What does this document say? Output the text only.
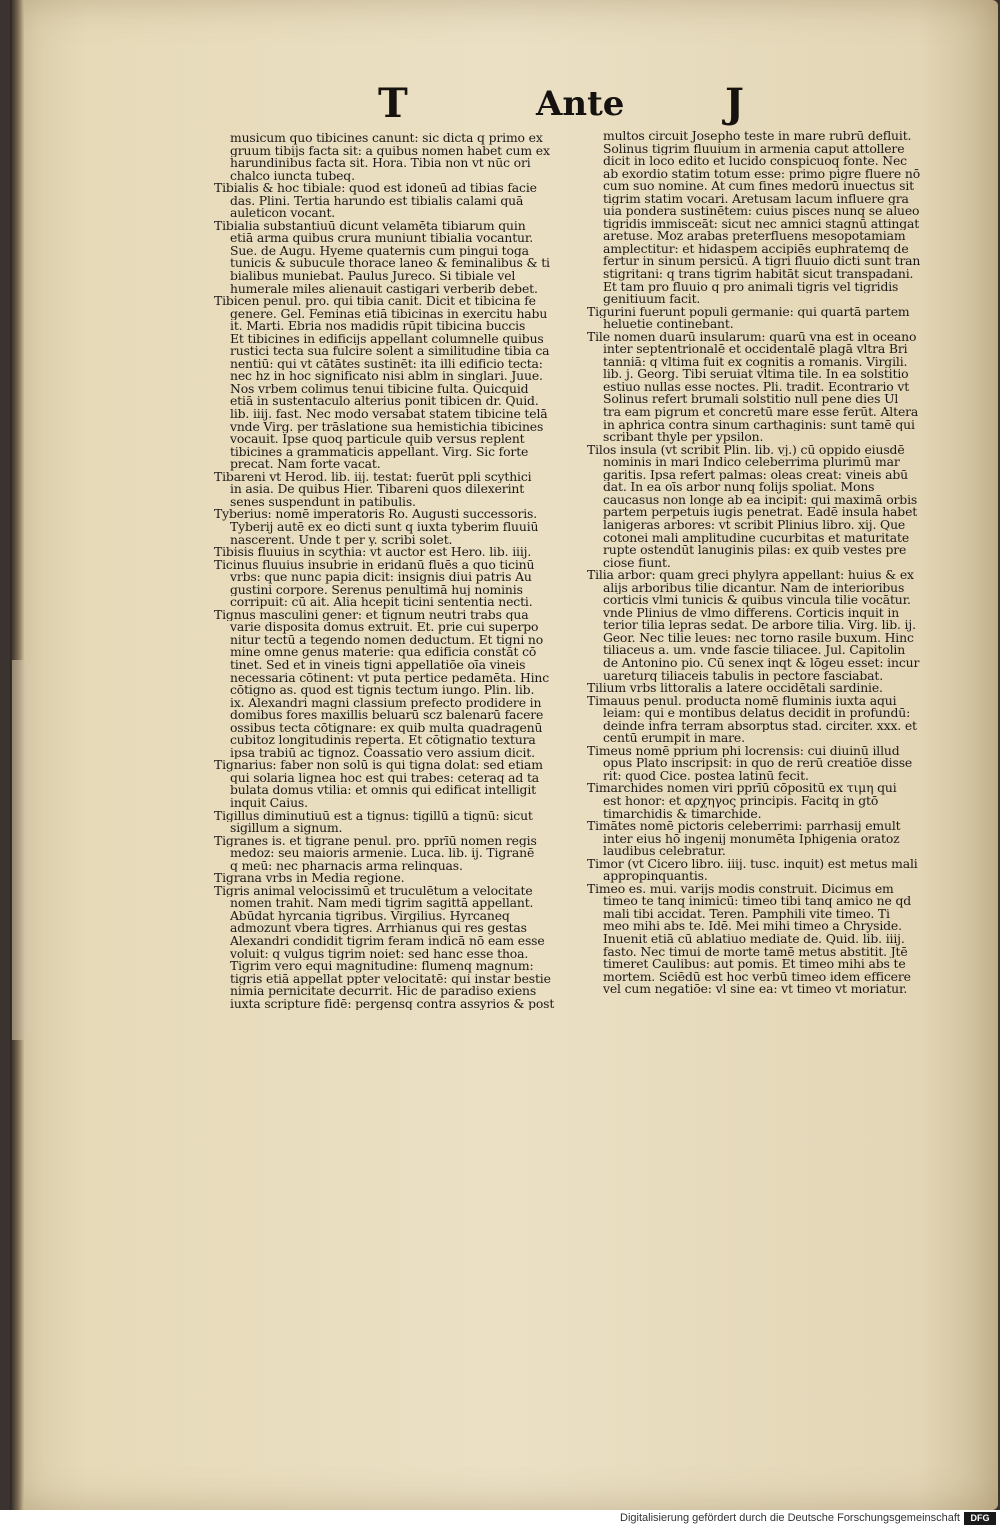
T	Ante	J
musicum quo tibicines canunt: sic dicta q primo ex
gruum tibijs facta sit: a quibus nomen habet cum ex
harundinibus facta sit. Hora. Tibia non vt nūc ori
chalco iuncta tubeq.
Tibialis & hoc tibiale: quod est idoneū ad tibias facie
das. Plini. Tertia harundo est tibialis calami quā
auleticon vocant.
Tibialia substantiuū dicunt velamēta tibiarum quin
etiā arma quibus crura muniunt tibialia vocantur.
Sue. de Augu. Hyeme quaternis cum pingui toga
tunicis & subucule thorace laneo & feminalibus & ti
bialibus muniebat. Paulus Jureco. Si tibiale vel
humerale miles alienauit castigari verberib debet.
Tibicen penul. pro. qui tibia canit. Dicit et tibicina fe
genere. Gel. Feminas etiā tibicinas in exercitu habu
it. Marti. Ebria nos madidis rūpit tibicina buccis
Et tibicines in edificijs appellant columnelle quibus
rustici tecta sua fulcire solent a similitudine tibia ca
nentiū: qui vt cātātes sustinēt: ita illi edificio tecta:
nec hz in hoc significato nisi ablm in singlari. Juue.
Nos vrbem colimus tenui tibicine fulta. Quicquid
etiā in sustentaculo alterius ponit tibicen dr. Quid.
lib. iiij. fast. Nec modo versabat statem tibicine telā
vnde Virg. per trāslatione sua hemistichia tibicines
vocauit. Ipse quoq particule quib versus replent
tibicines a grammaticis appellant. Virg. Sic forte
precat. Nam forte vacat.
Tibareni vt Herod. lib. iij. testat: fuerūt ppli scythici
in asia. De quibus Hier. Tibareni quos dilexerint
senes suspendunt in patibulis.
Tyberius: nomē imperatoris Ro. Augusti successoris.
Tyberij autē ex eo dicti sunt q iuxta tyberim fluuiū
nascerent. Unde t per y. scribi solet.
Tibisis fluuius in scythia: vt auctor est Hero. lib. iiij.
Ticinus fluuius insubrie in eridanū fluēs a quo ticinū
vrbs: que nunc papia dicit: insignis diui patris Au
gustini corpore. Serenus penultimā huj nominis
corripuit: cū ait. Alia hcepit ticini sententia necti.
Tignus masculini gener: et tignum neutri trabs qua
varie disposita domus extruit. Et. prie cui superpo
nitur tectū a tegendo nomen deductum. Et tigni no
mine omne genus materie: qua edificia constāt cō
tinet. Sed et in vineis tigni appellatiōe oīa vineis
necessaria cōtinent: vt puta pertice pedamēta. Hinc
cōtigno as. quod est tignis tectum iungo. Plin. lib.
ix. Alexandri magni classium prefecto prodidere in
domibus fores maxillis beluarū scz balenarū facere
ossibus tecta cōtignare: ex quib multa quadragenū
cubitoz longitudinis reperta. Et cōtignatio textura
ipsa trabiū ac tignoz. Coassatio vero assium dicit.
Tignarius: faber non solū is qui tigna dolat: sed etiam
qui solaria lignea hoc est qui trabes: ceteraq ad ta
bulata domus vtilia: et omnis qui edificat intelligit
inquit Caius.
Tigillus diminutiuū est a tignus: tigillū a tignū: sicut
sigillum a signum.
Tigranes is. et tigrane penul. pro. pprīū nomen regis
medoz: seu maioris armenie. Luca. lib. ij. Tigranē
q meū: nec pharnacis arma relinquas.
Tigrana vrbs in Media regione.
Tigris animal velocissimū et truculētum a velocitate
nomen trahit. Nam medi tigrim sagittā appellant.
Abūdat hyrcania tigribus. Virgilius. Hyrcaneq
admozunt vbera tigres. Arrhianus qui res gestas
Alexandri condidit tigrim feram indicā nō eam esse
voluit: q vulgus tigrim noiet: sed hanc esse thoa.
Tigrim vero equi magnitudine: flumenq magnum:
tigris etiā appellat ppter velocitatē: qui instar bestie
nimia pernicitate decurrit. Hic de paradiso exiens
iuxta scripture fidē: pergensq contra assyrios & post
multos circuit Josepho teste in mare rubrū defluit.
Solinus tigrim fluuium in armenia caput attollere
dicit in loco edito et lucido conspicuoq fonte. Nec
ab exordio statim totum esse: primo pigre fluere nō
cum suo nomine. At cum fines medorū inuectus sit
tigrim statim vocari. Aretusam lacum influere gra
uia pondera sustinētem: cuius pisces nunq se alueo
tigridis immisceāt: sicut nec amnici stagnū attingat
aretuse. Moz arabas preterfluens mesopotamiam
amplectitur: et hidaspem accipiēs euphratemq de
fertur in sinum persicū. A tigri fluuio dicti sunt tran
stigritani: q trans tigrim habitāt sicut transpadani.
Et tam pro fluuio q pro animali tigris vel tigridis
genitiuum facit.
Tigurini fuerunt populi germanie: qui quartā partem
heluetie continebant.
Tile nomen duarū insularum: quarū vna est in oceano
inter septentrionalē et occidentalē plagā vltra Bri
tanniā: q vltima fuit ex cognitis a romanis. Virgili.
lib. j. Georg. Tibi seruiat vltima tile. In ea solstitio
estiuo nullas esse noctes. Pli. tradit. Econtrario vt
Solinus refert brumali solstitio null pene dies Ul
tra eam pigrum et concretū mare esse ferūt. Altera
in aphrica contra sinum carthaginis: sunt tamē qui
scribant thyle per ypsilon.
Tilos insula (vt scribit Plin. lib. vj.) cū oppido eiusdē
nominis in mari Indico celeberrima plurimū mar
garitis. Ipsa refert palmas: oleas creat: vineis abū
dat. In ea oīs arbor nunq folijs spoliat. Mons
caucasus non longe ab ea incipit: qui maximā orbis
partem perpetuis iugis penetrat. Eadē insula habet
lanigeras arbores: vt scribit Plinius libro. xij. Que
cotonei mali amplitudine cucurbitas et maturitate
rupte ostendūt lanuginis pilas: ex quib vestes pre
ciose fiunt.
Tilia arbor: quam greci phylyra appellant: huius & ex
alijs arboribus tilie dicantur. Nam de interioribus
corticis vlmi tunicis & quibus vincula tilie vocātur.
vnde Plinius de vlmo differens. Corticis inquit in
terior tilia lepras sedat. De arbore tilia. Virg. lib. ij.
Geor. Nec tilie leues: nec torno rasile buxum. Hinc
tiliaceus a. um. vnde fascie tiliacee. Jul. Capitolin
de Antonino pio. Cū senex inqt & lōgeu esset: incur
uareturq tiliaceis tabulis in pectore fasciabat.
Tilium vrbs littoralis a latere occidētali sardinie.
Timauus penul. producta nomē fluminis iuxta aqui
leiam: qui e montibus delatus decidit in profundū:
deinde infra terram absorptus stad. circiter. xxx. et
centū erumpit in mare.
Timeus nomē pprium phi locrensis: cui diuinū illud
opus Plato inscripsit: in quo de rerū creatiōe disse
rit: quod Cice. postea latinū fecit.
Timarchides nomen viri pprīū cōpositū ex τιμη qui
est honor: et αρχηγος principis. Facitq in gtō
timarchidis & timarchide.
Timātes nomē pictoris celeberrimi: parrhasij emult
inter eius hō ingenij monumēta Iphigenia oratoz
laudibus celebratur.
Timor (vt Cicero libro. iiij. tusc. inquit) est metus mali
appropinquantis.
Timeo es. mui. varijs modis construit. Dicimus em
timeo te tanq inimicū: timeo tibi tanq amico ne qd
mali tibi accidat. Teren. Pamphili vite timeo. Ti
meo mihi abs te. Idē. Mei mihi timeo a Chryside.
Inuenit etiā cū ablatiuo mediate de. Quid. lib. iiij.
fasto. Nec timui de morte tamē metus abstitit. Jtē
timeret Caulibus: aut pomis. Et timeo mihi abs te
mortem. Sciēdū est hoc verbū timeo idem efficere
vel cum negatiōe: vl sine ea: vt timeo vt moriatur.
Digitalisierung gefördert durch die Deutsche Forschungsgemeinschaft	DFG
